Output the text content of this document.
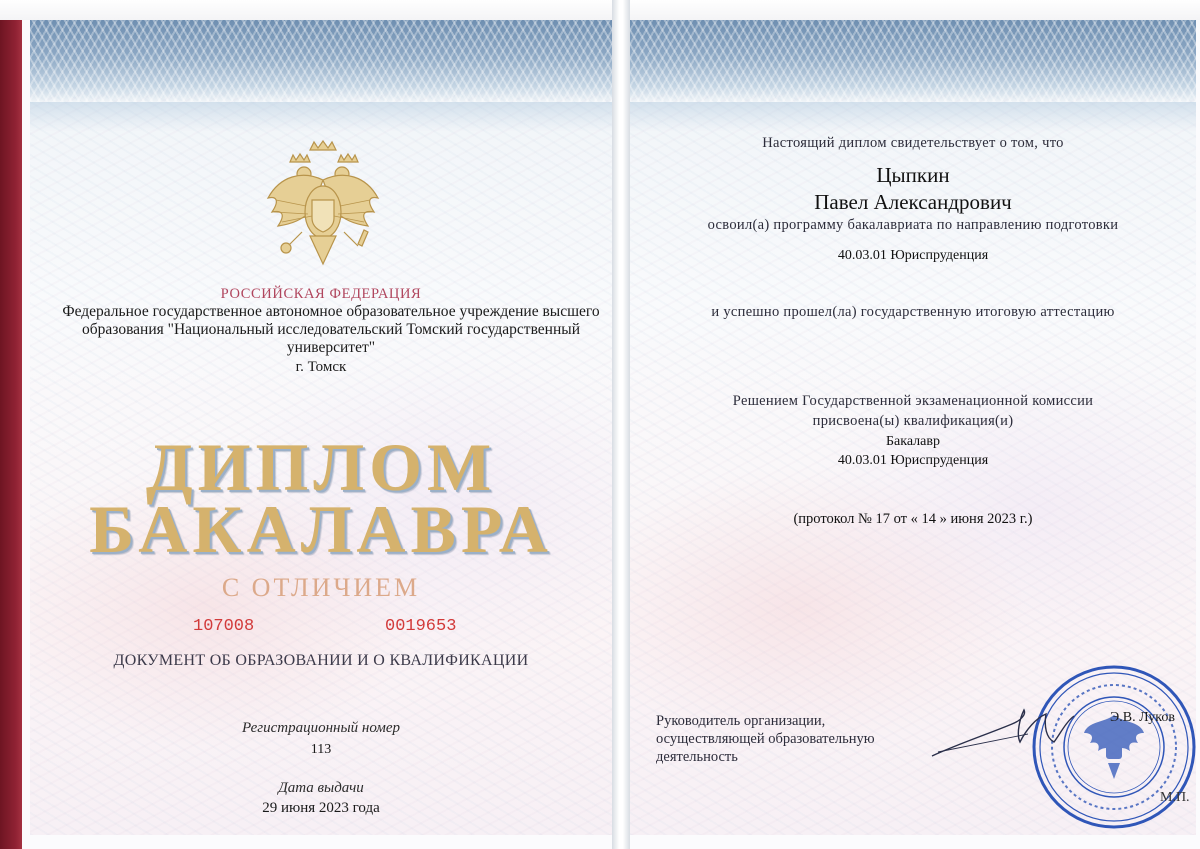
РОССИЙСКАЯ ФЕДЕРАЦИЯ
Федеральное государственное автономное образовательное учреждение высшего образования "Национальный исследовательский Томский государственный университет"
г. Томск
ДИПЛОМ
БАКАЛАВРА
С ОТЛИЧИЕМ
107008	0019653
ДОКУМЕНТ ОБ ОБРАЗОВАНИИ И О КВАЛИФИКАЦИИ
Регистрационный номер
113
Дата выдачи
29 июня 2023 года
Настоящий диплом свидетельствует о том, что
Цыпкин
Павел Александрович
освоил(а) программу бакалавриата по направлению подготовки
40.03.01 Юриспруденция
и успешно прошел(ла) государственную итоговую аттестацию
Решением Государственной экзаменационной комиссии
присвоена(ы) квалификация(и)
Бакалавр
40.03.01 Юриспруденция
(протокол № 17 от « 14 » июня 2023 г.)
Руководитель организации,
осуществляющей образовательную
деятельность
Э.В. Луков
М.П.
